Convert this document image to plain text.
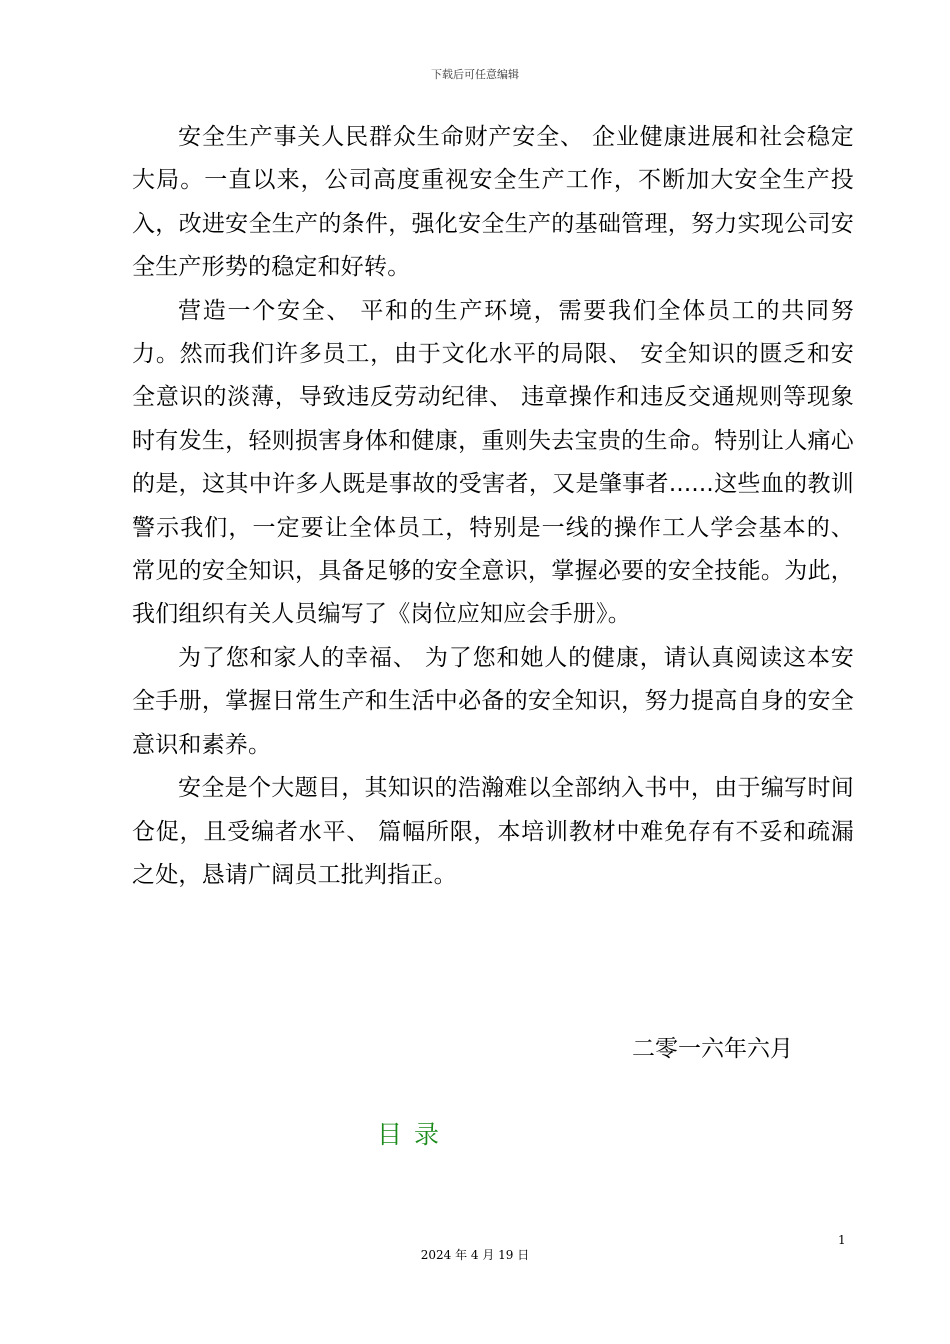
下载后可任意编辑

安全生产事关人民群众生命财产安全、 企业健康进展和社会稳定大局。一直以来，公司高度重视安全生产工作，不断加大安全生产投入，改进安全生产的条件，强化安全生产的基础管理，努力实现公司安全生产形势的稳定和好转。

营造一个安全、 平和的生产环境，需要我们全体员工的共同努力。然而我们许多员工，由于文化水平的局限、 安全知识的匮乏和安全意识的淡薄，导致违反劳动纪律、 违章操作和违反交通规则等现象时有发生，轻则损害身体和健康，重则失去宝贵的生命。特别让人痛心的是，这其中许多人既是事故的受害者，又是肇事者......这些血的教训警示我们，一定要让全体员工，特别是一线的操作工人学会基本的、 常见的安全知识，具备足够的安全意识，掌握必要的安全技能。为此， 我们组织有关人员编写了《岗位应知应会手册》。

为了您和家人的幸福、 为了您和她人的健康，请认真阅读这本安全手册，掌握日常生产和生活中必备的安全知识，努力提高自身的安全意识和素养。

安全是个大题目，其知识的浩瀚难以全部纳入书中，由于编写时间仓促，且受编者水平、 篇幅所限，本培训教材中难免存有不妥和疏漏之处，恳请广阔员工批判指正。

二零一六年六月
目录
1
2024 年 4 月 19 日
